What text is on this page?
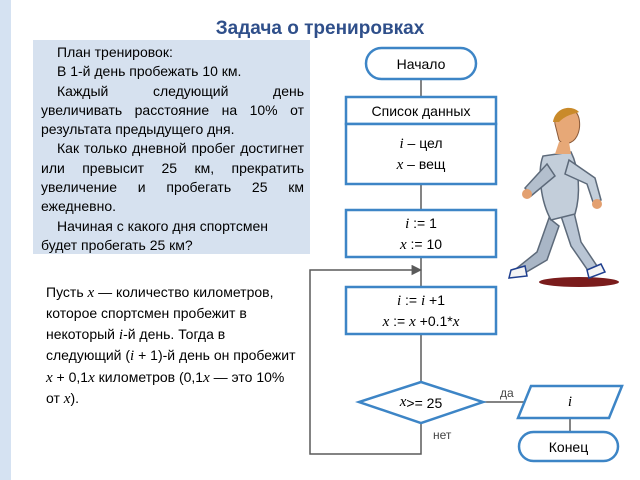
Задача о тренировках

План тренировок:

В 1-й день пробежать 10 км.

Каждый следующий день увеличивать расстояние на 10% от результата предыдущего дня.

Как только дневной пробег достигнет или превысит 25 км, прекратить увеличение и пробегать 25 км ежедневно.

Начиная с какого дня спортсмен будет пробегать 25 км?

Пусть x — количество километров, которое спортсмен пробежит в некоторый i-й день. Тогда в следующий (i + 1)-й день он пробежит x + 0,1x километров (0,1x — это 10% от x).
Начало
Список данных
i – цел
x – вещ
i := 1
x := 10
i := i +1
x := x +0.1*x
x >= 25	i
Конец
да
нет
